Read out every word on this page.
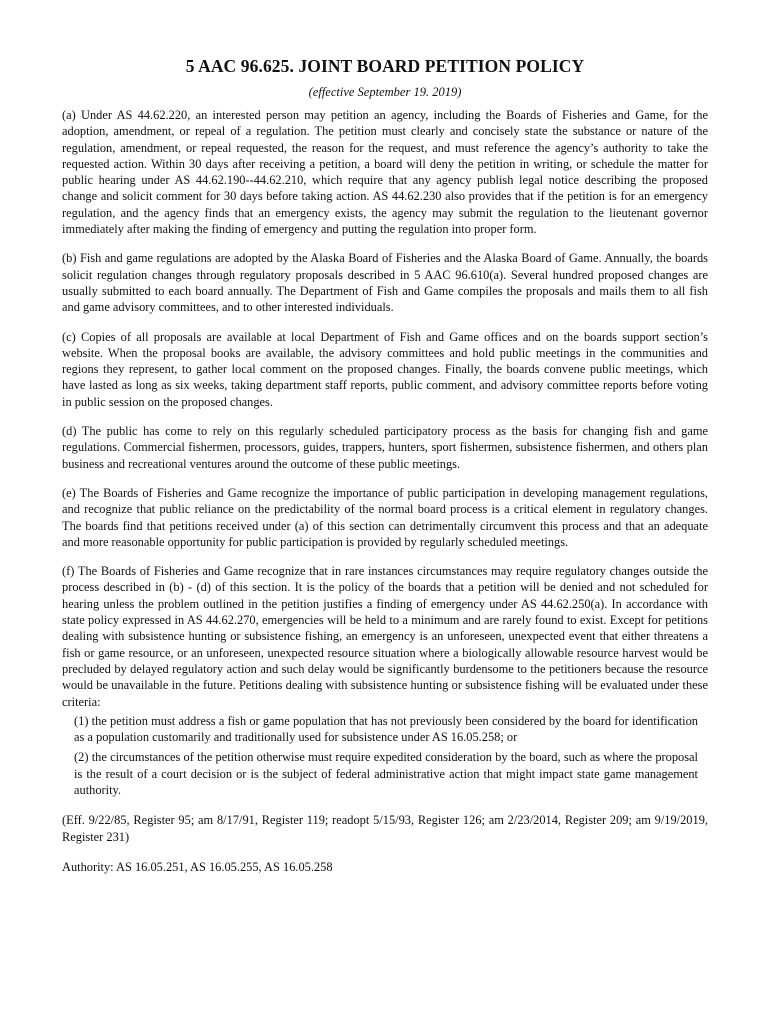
5 AAC 96.625. JOINT BOARD PETITION POLICY
(effective September 19. 2019)

(a) Under AS 44.62.220, an interested person may petition an agency, including the Boards of Fisheries and Game, for the adoption, amendment, or repeal of a regulation. The petition must clearly and concisely state the substance or nature of the regulation, amendment, or repeal requested, the reason for the request, and must reference the agency’s authority to take the requested action. Within 30 days after receiving a petition, a board will deny the petition in writing, or schedule the matter for public hearing under AS 44.62.190--44.62.210, which require that any agency publish legal notice describing the proposed change and solicit comment for 30 days before taking action. AS 44.62.230 also provides that if the petition is for an emergency regulation, and the agency finds that an emergency exists, the agency may submit the regulation to the lieutenant governor immediately after making the finding of emergency and putting the regulation into proper form.

(b) Fish and game regulations are adopted by the Alaska Board of Fisheries and the Alaska Board of Game. Annually, the boards solicit regulation changes through regulatory proposals described in 5 AAC 96.610(a). Several hundred proposed changes are usually submitted to each board annually. The Department of Fish and Game compiles the proposals and mails them to all fish and game advisory committees, and to other interested individuals.

(c) Copies of all proposals are available at local Department of Fish and Game offices and on the boards support section’s website. When the proposal books are available, the advisory committees and hold public meetings in the communities and regions they represent, to gather local comment on the proposed changes. Finally, the boards convene public meetings, which have lasted as long as six weeks, taking department staff reports, public comment, and advisory committee reports before voting in public session on the proposed changes.

(d) The public has come to rely on this regularly scheduled participatory process as the basis for changing fish and game regulations. Commercial fishermen, processors, guides, trappers, hunters, sport fishermen, subsistence fishermen, and others plan business and recreational ventures around the outcome of these public meetings.

(e) The Boards of Fisheries and Game recognize the importance of public participation in developing management regulations, and recognize that public reliance on the predictability of the normal board process is a critical element in regulatory changes. The boards find that petitions received under (a) of this section can detrimentally circumvent this process and that an adequate and more reasonable opportunity for public participation is provided by regularly scheduled meetings.

(f) The Boards of Fisheries and Game recognize that in rare instances circumstances may require regulatory changes outside the process described in (b) - (d) of this section. It is the policy of the boards that a petition will be denied and not scheduled for hearing unless the problem outlined in the petition justifies a finding of emergency under AS 44.62.250(a). In accordance with state policy expressed in AS 44.62.270, emergencies will be held to a minimum and are rarely found to exist. Except for petitions dealing with subsistence hunting or subsistence fishing, an emergency is an unforeseen, unexpected event that either threatens a fish or game resource, or an unforeseen, unexpected resource situation where a biologically allowable resource harvest would be precluded by delayed regulatory action and such delay would be significantly burdensome to the petitioners because the resource would be unavailable in the future. Petitions dealing with subsistence hunting or subsistence fishing will be evaluated under these criteria:

(1) the petition must address a fish or game population that has not previously been considered by the board for identification as a population customarily and traditionally used for subsistence under AS 16.05.258; or

(2) the circumstances of the petition otherwise must require expedited consideration by the board, such as where the proposal is the result of a court decision or is the subject of federal administrative action that might impact state game management authority.

(Eff. 9/22/85, Register 95; am 8/17/91, Register 119; readopt 5/15/93, Register 126; am 2/23/2014, Register 209; am 9/19/2019, Register 231)

Authority: AS 16.05.251, AS 16.05.255, AS 16.05.258
